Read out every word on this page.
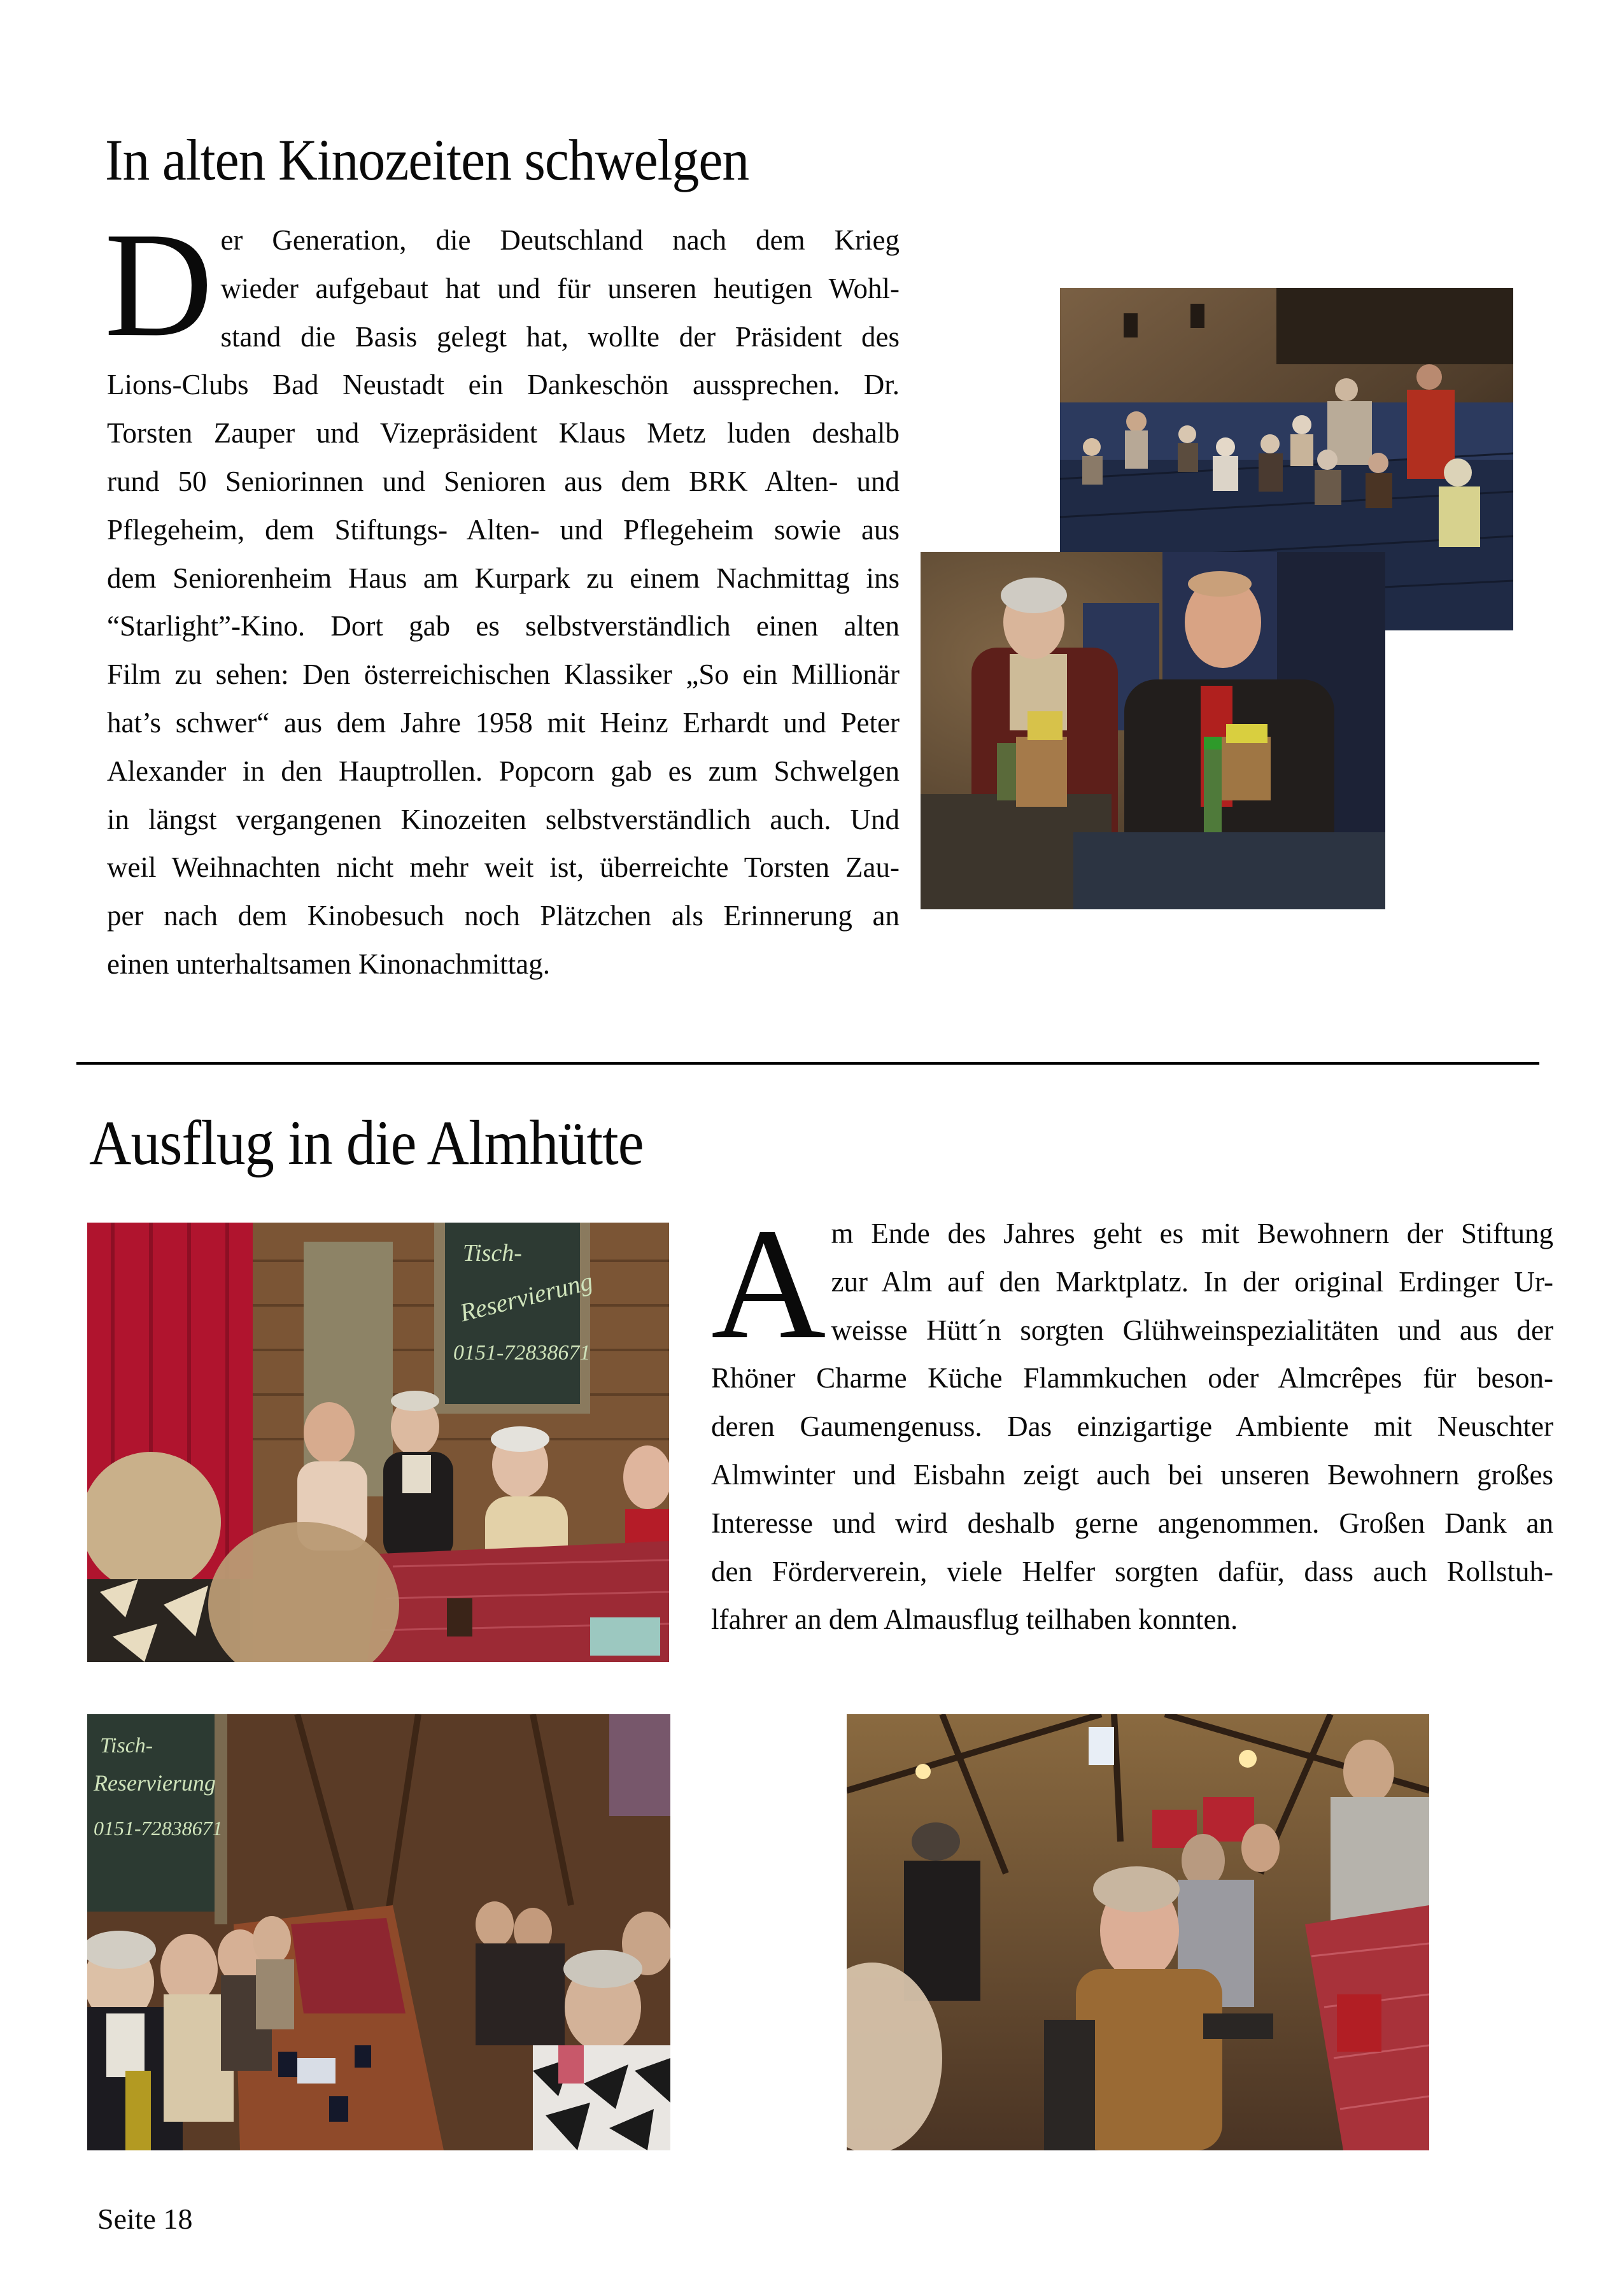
In alten Kinozeiten schwelgen
D er Generation, die Deutschland nach dem Krieg
wieder aufgebaut hat und für unseren heutigen Wohl-
stand die Basis gelegt hat, wollte der Präsident des
Lions-Clubs Bad Neustadt ein Dankeschön aussprechen. Dr.
Torsten Zauper und Vizepräsident Klaus Metz luden deshalb
rund 50 Seniorinnen und Senioren aus dem BRK Alten- und
Pflegeheim, dem Stiftungs- Alten- und Pflegeheim sowie aus
dem Seniorenheim Haus am Kurpark zu einem Nachmittag ins
“Starlight”-Kino. Dort gab es selbstverständlich einen alten
Film zu sehen: Den österreichischen Klassiker „So ein Millionär
hat’s schwer“ aus dem Jahre 1958 mit Heinz Erhardt und Peter
Alexander in den Hauptrollen. Popcorn gab es zum Schwelgen
in längst vergangenen Kinozeiten selbstverständlich auch. Und
weil Weihnachten nicht mehr weit ist, überreichte Torsten Zau-
per nach dem Kinobesuch noch Plätzchen als Erinnerung an
einen unterhaltsamen Kinonachmittag.
Ausflug in die Almhütte
Tisch-
Reservierung
0151-72838671 A m Ende des Jahres geht es mit Bewohnern der Stiftung
zur Alm auf den Marktplatz. In der original Erdinger Ur-
weisse Hütt´n sorgten Glühweinspezialitäten und aus der
Rhöner Charme Küche Flammkuchen oder Almcrêpes für beson-
deren Gaumengenuss. Das einzigartige Ambiente mit Neuschter
Almwinter und Eisbahn zeigt auch bei unseren Bewohnern großes
Interesse und wird deshalb gerne angenommen. Großen Dank an
den Förderverein, viele Helfer sorgten dafür, dass auch Rollstuh-
lfahrer an dem Almausflug teilhaben konnten.
Tisch-
Reservierung
0151-72838671

Seite 18
